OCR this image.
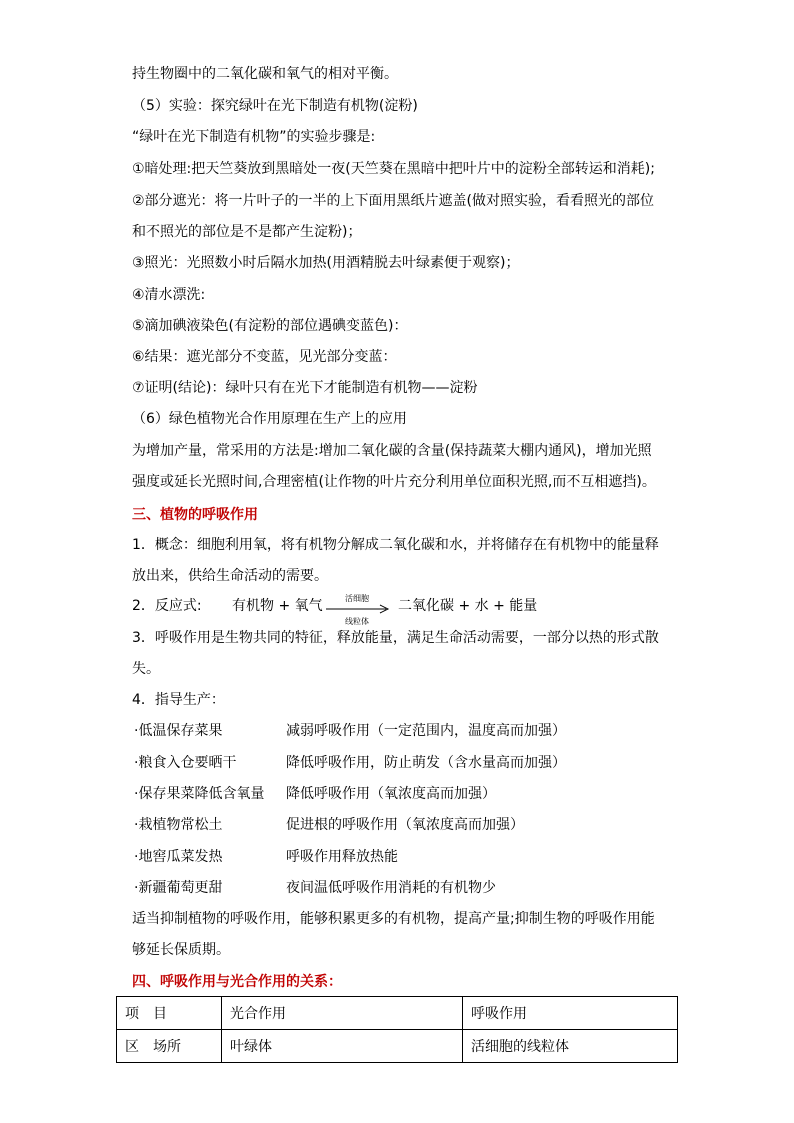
持生物圈中的二氧化碳和氧气的相对平衡。
（5）实验：探究绿叶在光下制造有机物(淀粉)
“绿叶在光下制造有机物”的实验步骤是:
①暗处理:把天竺葵放到黑暗处一夜(天竺葵在黑暗中把叶片中的淀粉全部转运和消耗);
②部分遮光：将一片叶子的一半的上下面用黑纸片遮盖(做对照实验，看看照光的部位
和不照光的部位是不是都产生淀粉)；
③照光：光照数小时后隔水加热(用酒精脱去叶绿素便于观察)；
④清水漂洗:
⑤滴加碘液染色(有淀粉的部位遇碘变蓝色)：
⑥结果：遮光部分不变蓝，见光部分变蓝：
⑦证明(结论)：绿叶只有在光下才能制造有机物——淀粉
（6）绿色植物光合作用原理在生产上的应用
为增加产量，常采用的方法是:增加二氧化碳的含量(保持蔬菜大棚内通风)，增加光照
强度或延长光照时间,合理密植(让作物的叶片充分利用单位面积光照,而不互相遮挡)。
三、植物的呼吸作用
1．概念：细胞利用氧，将有机物分解成二氧化碳和水，并将储存在有机物中的能量释
放出来，供给生命活动的需要。
2．反应式: 有机物 + 氧气	二氧化碳 + 水 + 能量
活细胞
线粒体
3．呼吸作用是生物共同的特征，释放能量，满足生命活动需要，一部分以热的形式散
失。
4．指导生产：
·低温保存菜果	减弱呼吸作用（一定范围内，温度高而加强）
·粮食入仓要晒干	降低呼吸作用，防止萌发（含水量高而加强）
·保存果菜降低含氧量 降低呼吸作用（氧浓度高而加强）
·栽植物常松土	促进根的呼吸作用（氧浓度高而加强）
·地窖瓜菜发热	呼吸作用释放热能
·新疆葡萄更甜	夜间温低呼吸作用消耗的有机物少
适当抑制植物的呼吸作用，能够积累更多的有机物，提高产量;抑制生物的呼吸作用能
够延长保质期。
四、呼吸作用与光合作用的关系：
项　目	光合作用	呼吸作用
区　场所	叶绿体	活细胞的线粒体
